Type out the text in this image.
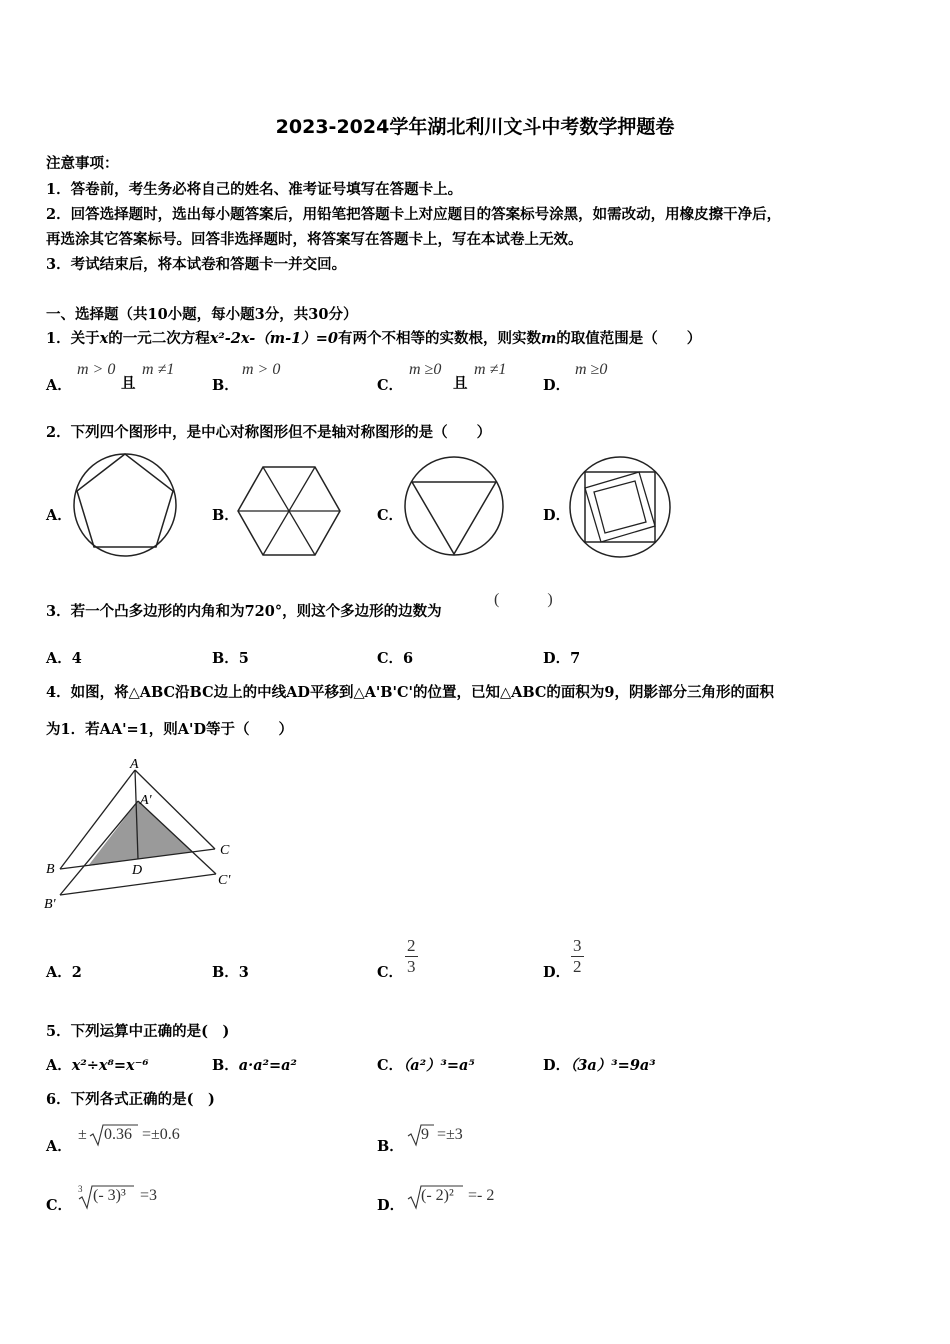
2023-2024学年湖北利川文斗中考数学押题卷
注意事项：
1．答卷前，考生务必将自己的姓名、准考证号填写在答题卡上。
2．回答选择题时，选出每小题答案后，用铅笔把答题卡上对应题目的答案标号涂黑，如需改动，用橡皮擦干净后，
再选涂其它答案标号。回答非选择题时，将答案写在答题卡上，写在本试卷上无效。
3．考试结束后，将本试卷和答题卡一并交回。
一、选择题（共10小题，每小题3分，共30分）
1．关于x的一元二次方程x²-2x-（m-1）=0有两个不相等的实数根，则实数m的取值范围是（　　）
A．
m > 0
且
m ≠1
B．
m > 0
C．
m ≥0
且
m ≠1
D．
m ≥0
2．下列四个图形中，是中心对称图形但不是轴对称图形的是（　　）
A．	B．	C．	D．
3．若一个凸多边形的内角和为720°，则这个多边形的边数为
(　　　)
A．4	B．5	C．6	D．7
4．如图，将△ABC沿BC边上的中线AD平移到△A'B'C'的位置，已知△ABC的面积为9，阴影部分三角形的面积
为1．若AA'=1，则A'D等于（　　）
A
A'
B
C
D
B'
C'
A．2	B．3	C． $\frac{2}{3}$	D． $\frac{3}{2}$
5．下列运算中正确的是(　)
A．x²÷x⁸=x⁻⁶	B．a·a²=a²	C．（a²）³=a⁵	D．（3a）³=9a³
6．下列各式正确的是(　)
A．
± 0.36 =±0.6
B．
9 =±3
C．
3 (- 3)³ =3
D．
(- 2)² =- 2
